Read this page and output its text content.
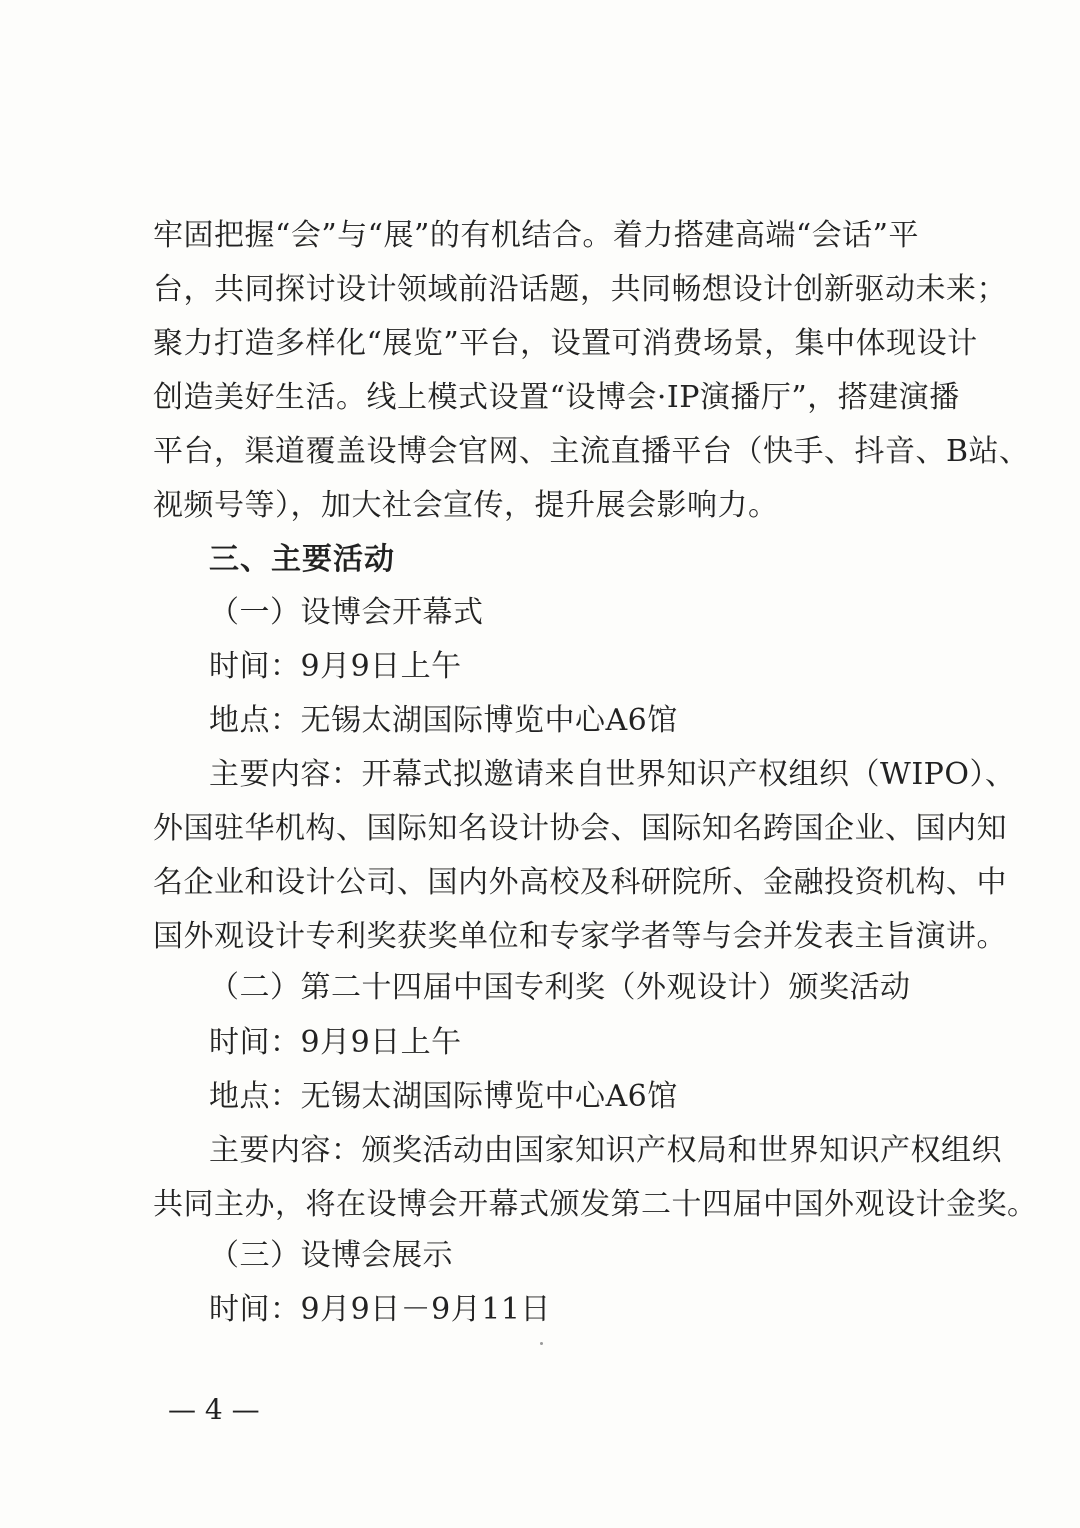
牢固把握“会”与“展”的有机结合。着力搭建高端“会话”平
台，共同探讨设计领域前沿话题，共同畅想设计创新驱动未来；
聚力打造多样化“展览”平台，设置可消费场景，集中体现设计
创造美好生活。线上模式设置“设博会·IP演播厅”，搭建演播
平台，渠道覆盖设博会官网、主流直播平台（快手、抖音、B站、
视频号等），加大社会宣传，提升展会影响力。
三、主要活动
（一）设博会开幕式
时间：9月9日上午
地点：无锡太湖国际博览中心A6馆
主要内容：开幕式拟邀请来自世界知识产权组织（WIPO）、
外国驻华机构、国际知名设计协会、国际知名跨国企业、国内知
名企业和设计公司、国内外高校及科研院所、金融投资机构、中
国外观设计专利奖获奖单位和专家学者等与会并发表主旨演讲。
（二）第二十四届中国专利奖（外观设计）颁奖活动
时间：9月9日上午
地点：无锡太湖国际博览中心A6馆
主要内容：颁奖活动由国家知识产权局和世界知识产权组织
共同主办，将在设博会开幕式颁发第二十四届中国外观设计金奖。
（三）设博会展示
时间：9月9日－9月11日
— 4 —
